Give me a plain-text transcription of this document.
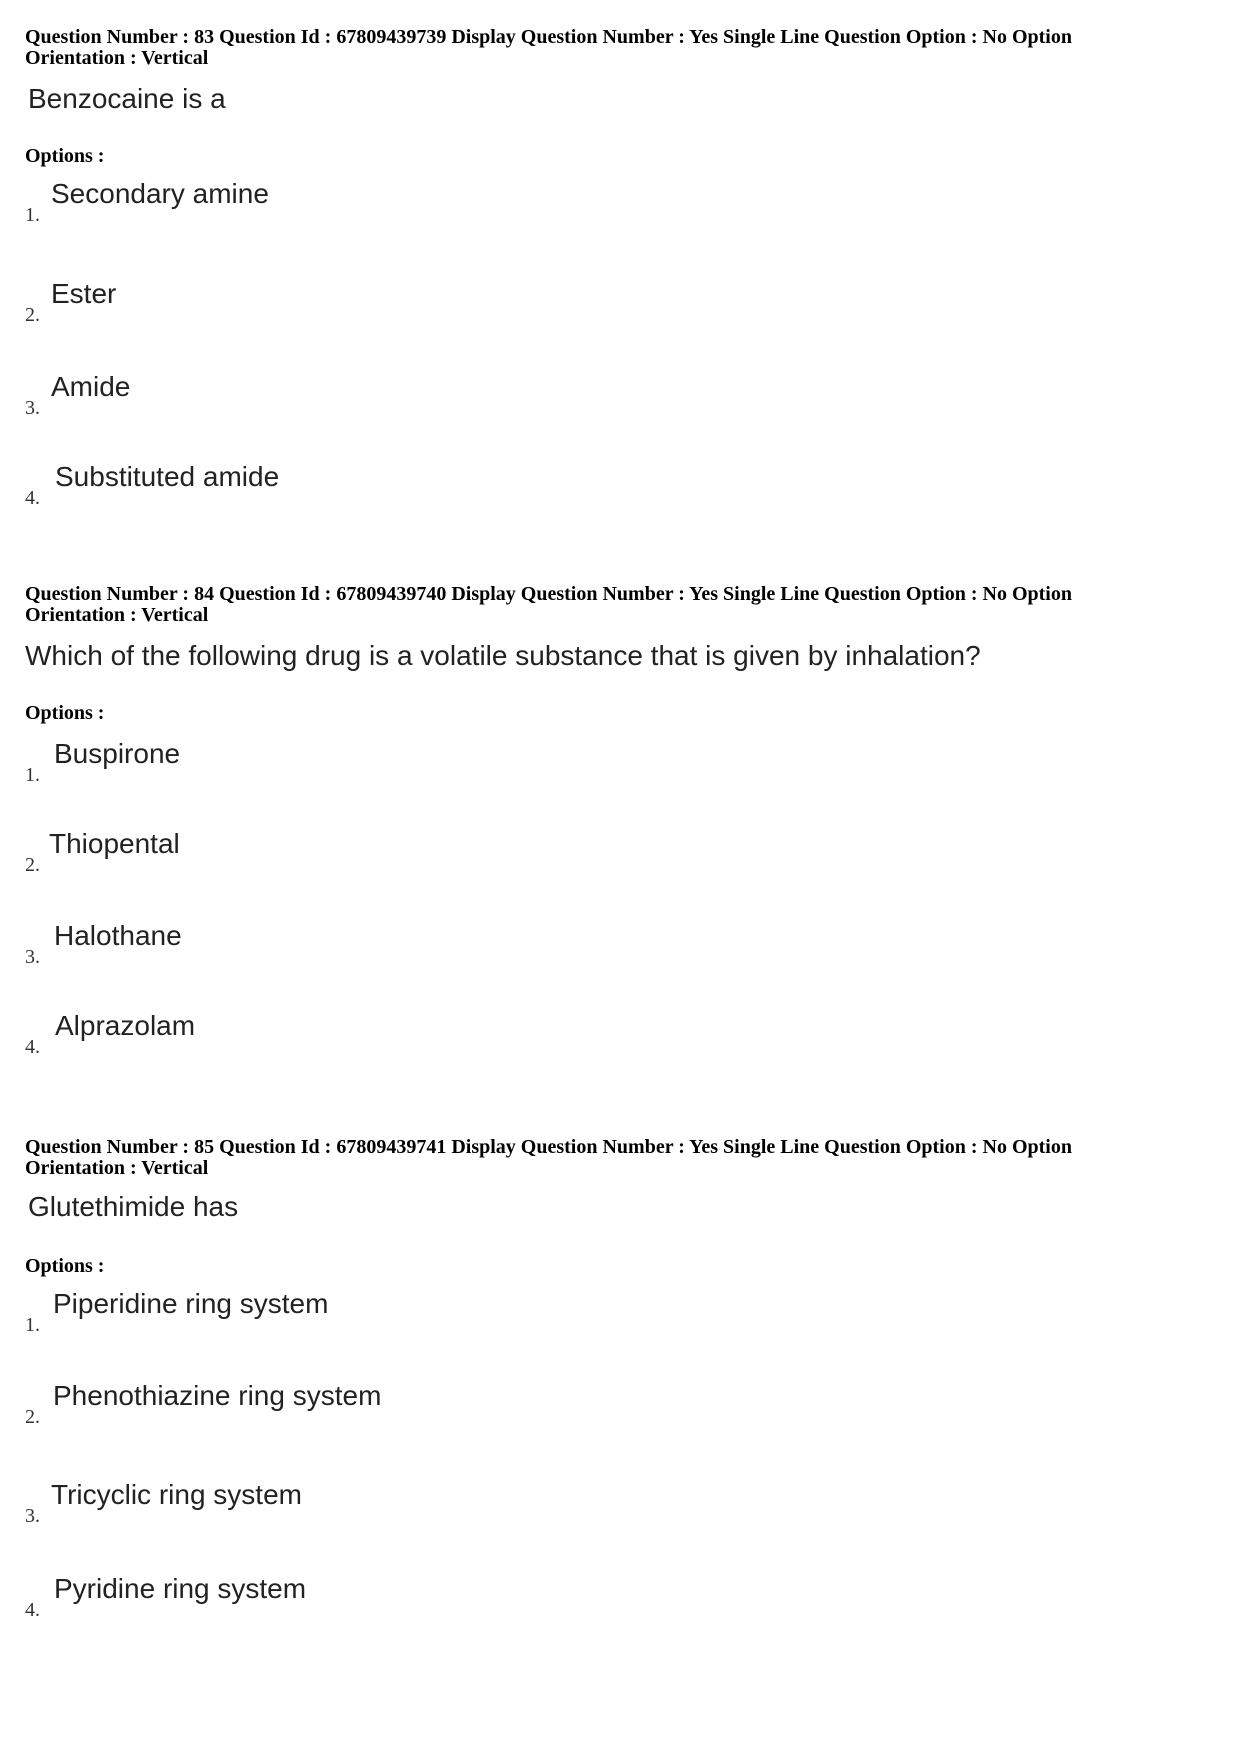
Question Number : 83 Question Id : 67809439739 Display Question Number : Yes Single Line Question Option : No Option

Orientation : Vertical

Benzocaine is a
Options :
1.
Secondary amine
2.
Ester
3.
Amide
4.
Substituted amide

Question Number : 84 Question Id : 67809439740 Display Question Number : Yes Single Line Question Option : No Option

Orientation : Vertical

Which of the following drug is a volatile substance that is given by inhalation?
Options :
1.
Buspirone
2.
Thiopental
3.
Halothane
4.
Alprazolam

Question Number : 85 Question Id : 67809439741 Display Question Number : Yes Single Line Question Option : No Option

Orientation : Vertical

Glutethimide has
Options :
1.
Piperidine ring system
2.
Phenothiazine ring system
3.
Tricyclic ring system
4.
Pyridine ring system
